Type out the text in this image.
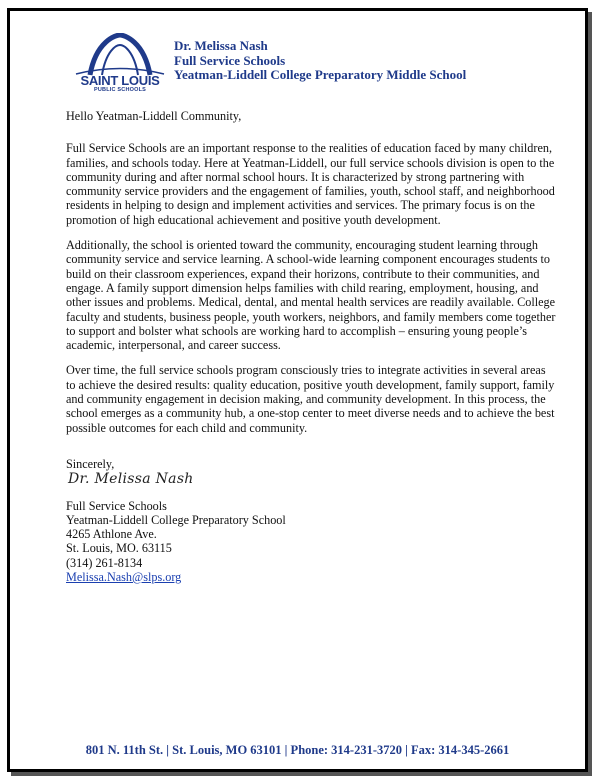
SAINT LOUIS
PUBLIC SCHOOLS
Dr. Melissa Nash
Full Service Schools
Yeatman-Liddell College Preparatory Middle School
Hello Yeatman-Liddell Community,

Full Service Schools are an important response to the realities of education faced by many children, families, and schools today. Here at Yeatman-Liddell, our full service schools division is open to the community during and after normal school hours. It is characterized by strong partnering with community service providers and the engagement of families, youth, school staff, and neighborhood residents in helping to design and implement activities and services. The primary focus is on the promotion of high educational achievement and positive youth development.

Additionally, the school is oriented toward the community, encouraging student learning through community service and service learning. A school-wide learning component encourages students to build on their classroom experiences, expand their horizons, contribute to their communities, and engage. A family support dimension helps families with child rearing, employment, housing, and other issues and problems. Medical, dental, and mental health services are readily available. College faculty and students, business people, youth workers, neighbors, and family members come together to support and bolster what schools are working hard to accomplish – ensuring young people’s academic, interpersonal, and career success.

Over time, the full service schools program consciously tries to integrate activities in several areas to achieve the desired results: quality education, positive youth development, family support, family and community engagement in decision making, and community development. In this process, the school emerges as a community hub, a one-stop center to meet diverse needs and to achieve the best possible outcomes for each child and community.

Sincerely,
Dr. Melissa Nash
Full Service Schools
Yeatman-Liddell College Preparatory School
4265 Athlone Ave.
St. Louis, MO. 63115
(314) 261-8134
Melissa.Nash@slps.org
801 N. 11th St. | St. Louis, MO 63101 | Phone: 314-231-3720 | Fax: 314-345-2661
